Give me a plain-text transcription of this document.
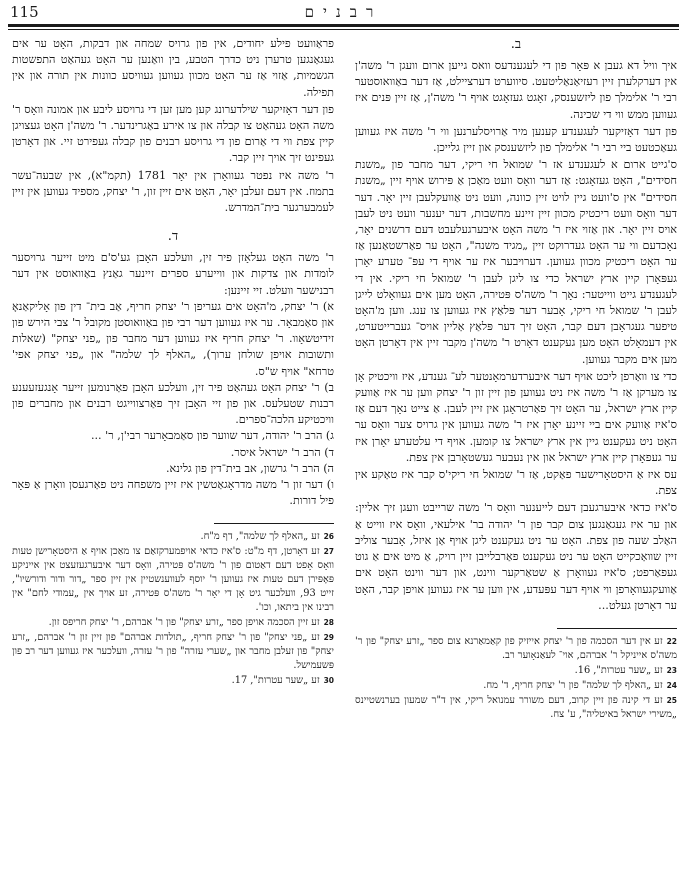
115	רבנים
ב.

איך וויל דא געבן א פּאָר פון די לעגענדעס וואס גייען ארום וועגן ר' משה'ן אין דערקלערן זיין רעזיאַנאַליטעט. סיווערט דערציילט, אַז דער באַוואוסטער רבי ר' אלימלך פון ליזשענסק, זאָגט געזאָגט אויף ר' משה'ן, אַז זיין פּנים איז געווען ממש ווי די שכינה.

פון דער דאָזיקער לעגענדע קענען מיר אַרויסלערנען ווי ר' משה איז געווען געאַכטעט ביי רבי ר' אלימלך פון ליזשענסק און זיין גלייכן.

ס'גייט ארום א לעגענדע אז ר' שמואל חי ריקי, דער מחבר פון „משנת חסידים", האָט געזאָגט: אַז דער וואָס וועט מאַכן אַ פּירוש אויף זיין „משנת חסידים" אין ס'וועט גיין לויט זיין כוונה, וועט ניט אַוועקלעבן זיין יאָר. דער דער וואָס וועט ריכטיק מכוון זיין זיינע מחשבות, דער יענער וועט ניט לעבן אויס זיין יאָר. און אַזוי איז ר' משה האָט איבערגעלעבט דעם דרשנים יאָר, נאָכדעם ווי ער האָט געדרוקט זיין „מגיד משנה", האָט ער פאַרשטאַנען אַז ער האָט ריכטיק מכוון געווען. דערויבער איז ער אויף די עפּ־ טערע יאָרן געפּאָרן קיין ארץ ישראל כדי צו ליגן לעבן ר' שמואל חי ריקי. אין די לעגענדע גייט ווייטער: נאָך ר' משה'ס פּטירה, האָט מען אים געוואָלט לייגן לעבן ר' שמואל חי ריקי, אָבער דער פּלאַץ איז געווען צו ענג. ווען מ'האָט טיפער געגראָבן דעם קבר, האָט זיך דער פּלאַץ אַליין אויס־ געברייטערט, אין דעמאָלט האָט מען געקענט דאָרט ר' משה'ן מקבר זיין אין דאָרטן האָט מען אים מקבר געווען.

כדי צו וואַרפן ליכט אויף דער איבערדערמאָנטער לע־ גענדע, איז וויכטיק אָן צו מערקן אַז ר' משה איז ניט געווען פון זיין זון ר' יצחק ווען ער איז אַוועק קיין ארץ ישראל, ער האָט זיך פאַרטראָגן אין זיין לעבן. אַ צייט נאָך דעם אַז ס'איז אַוועק אים ביי זיינע יאָרן איז ר' משה געווען אין גרויס צער וואָס ער האָט ניט געקענט גיין אין ארץ ישראל צו קומען. אויף די עלטערע יאָרן איז ער געפאָרן קיין ארץ ישראל און אין נעבער געשטאָרבן אין צפת.

עס איז אַ היסטאָרישער פאַקט, אַז ר' שמואל חי ריקי'ס קבר איז טאַקע אין צפת.

ס'איז כדאי איבערגעבן דעם לייענער וואָס ר' משה שרייבט וועגן זיך אליין: און ער איז געגאַנגען צום קבר פון ר' יהודה בר' אילעאי, וואָס איז ווייט אַ האַלב שעה פון צפת. האָט ער ניט געקענט ליגן אויף אַן איזל, אָבער צוליב זיין שוואַכקייט האָט ער ניט געקענט פאַרבלייבן זיין רויק, אַ מיט אים אַ גוט געפאַרפט; ס'איז געוואָרן אַ שטאַרקער ווינט, און דער ווינט האָט אים אַוועקגעוואָרפן ווי אויף דער עפּעדע, אין ווען ער איז געווען אויפן קבר, האָט ער דאָרטן געלט...

$^{22}$זע אין דער הסכמה פון ר' יצחק אייזיק פון קאַמאַרנא צום ספר „זרע יצחק" פון ר' משה'ס אייניקל ר' אברהם, אוי־ לעאַנאָוער רב.

$^{23}$זע „שער עטרות", 16.

$^{24}$זע „האלף לך שלמה" פון ר' יצחק חריף, ד' מח.

$^{25}$זע די קינה פון זיין קרוב, דעם משורר עמנואל ריקי, אין ד"ר שמעון בערנשטיינס „משירי ישראל באיטליה", ע' צח.

פראַוועט פילע יחודים, אין פון גרויס שמחה און דבקות, האָט ער אים געגאַנגען טרערן ניט כדרך הטבע, בין וואַנען ער האָט געהאַט התפשטות הגשמיות, אַזוי אַז ער האָט מכוון געווען געוויסע כוונות אין תורה און אין תפילה.

פון דער דאָזיקער שילדערונג קען מען זען די גרויסע ליבע און אמונה וואָס ר' משה האָט געהאַט צו קבלה און צו אירע באַגרינדער. ר' משה'ן האָט געצויגן קיין צפת ווי די אַרום פון די גרויסע רבנים פון קבלה געפירט זיי. און דאָרטן געפינט זיך אויך זיין קבר.

ר' משה איז נפטר געוואָרן אין יאָר 1781 (תקמ"א), אין שבעה־עשר בתמוז. אין דעם זעלבן יאָר, האָט אים זיין זון, ר' יצחק, מספיד געווען אין זיין לעמבערגער בית־המדרש.

ד.

ר' משה האָט געלאָזן פיר זין, וועלכע האָבן גע'ס'ם מיט זייער גרויסער לומדות און צדקות און ווייערע ספרים זיינער גאַנץ באַוואוסט אין דער רבנישער וועלט. זיי זיינען:

א) ר' יצחק, מ'האָט אים געריפן ר' יצחק חריף, אַב בית־ דין פון אָליקאַנאָ און סאַמבאָר. ער איז געווען דער רבי פון באַוואוסטן מקובל ר' צבי הירש פון זידיטשאָוו. ר' יצחק חריף איז געווען דער מחבר פון „פני יצחק" (שאלות ותשובות אויפן שולחן ערוך), „האלף לך שלמה" און „פני יצחק אפי' טרחא" אויף ש"ס.

ב) ר' יצחק האָט געהאַט פיר זין, וועלכע האָבן פאַרנומען זייער אָנגעזעענע רבנות שטעלעס. און פון זיי האָבן זיך פאַרצווייגט רבנים און מחברים פון וויכטיקע הלכה־ספרים.

ג) הרב ר' יהודה, דער שווער פון סאַמבאָרער רבי'ן, ר' ...

ד) הרב ר' ישראל איסר.

ה) הרב ר' גרשון, אב בית־דין פון גלינא.

ו) דער זון ר' משה מדראָגאַטשין איז זיין משפחה ניט פאַרגעסן וואָרן אַ פּאָר פיל דורות.

$^{26}$זע „האלף לך שלמה", דף מ"ח.

$^{27}$זע דאָרטן, דף מ"ט: ס'איז כדאי אויפמערקזאַם צו מאַכן אויף אַ היסטאָרישן טעות וואָס אָפט דעם דאַטום פון ר' משה'ס פּטירה, וואָס דער איבערגעזעצט אין אייניקע פּאָפּירן דעם טעות איז געווען ר' יוסף לעווענשטיין אין זיין ספר „דור ודור ודורשיו", זייט 93, וועלכער גיט אָן די יאָר ר' משה'ס פּטירה, זע אויך אין „עמודי לחם" אין רבינו אין ביתאו, וכו'.

$^{28}$זע זיין הסכמה אויפן ספר „זרע יצחק" פון ר' אברהם, ר' יצחק חריפס זון.

$^{29}$זע „פני יצחק" פון ר' יצחק חריף, „תולדות אברהם" פון זיין זון ר' אברהם, „זרע יצחק" פון זעלבן מחבר און „שערי עזרה" פון ר' עזרה, וועלכער איז געווען דער רב פון פּשעמישל.

$^{30}$זע „שער עטרות", 17.
